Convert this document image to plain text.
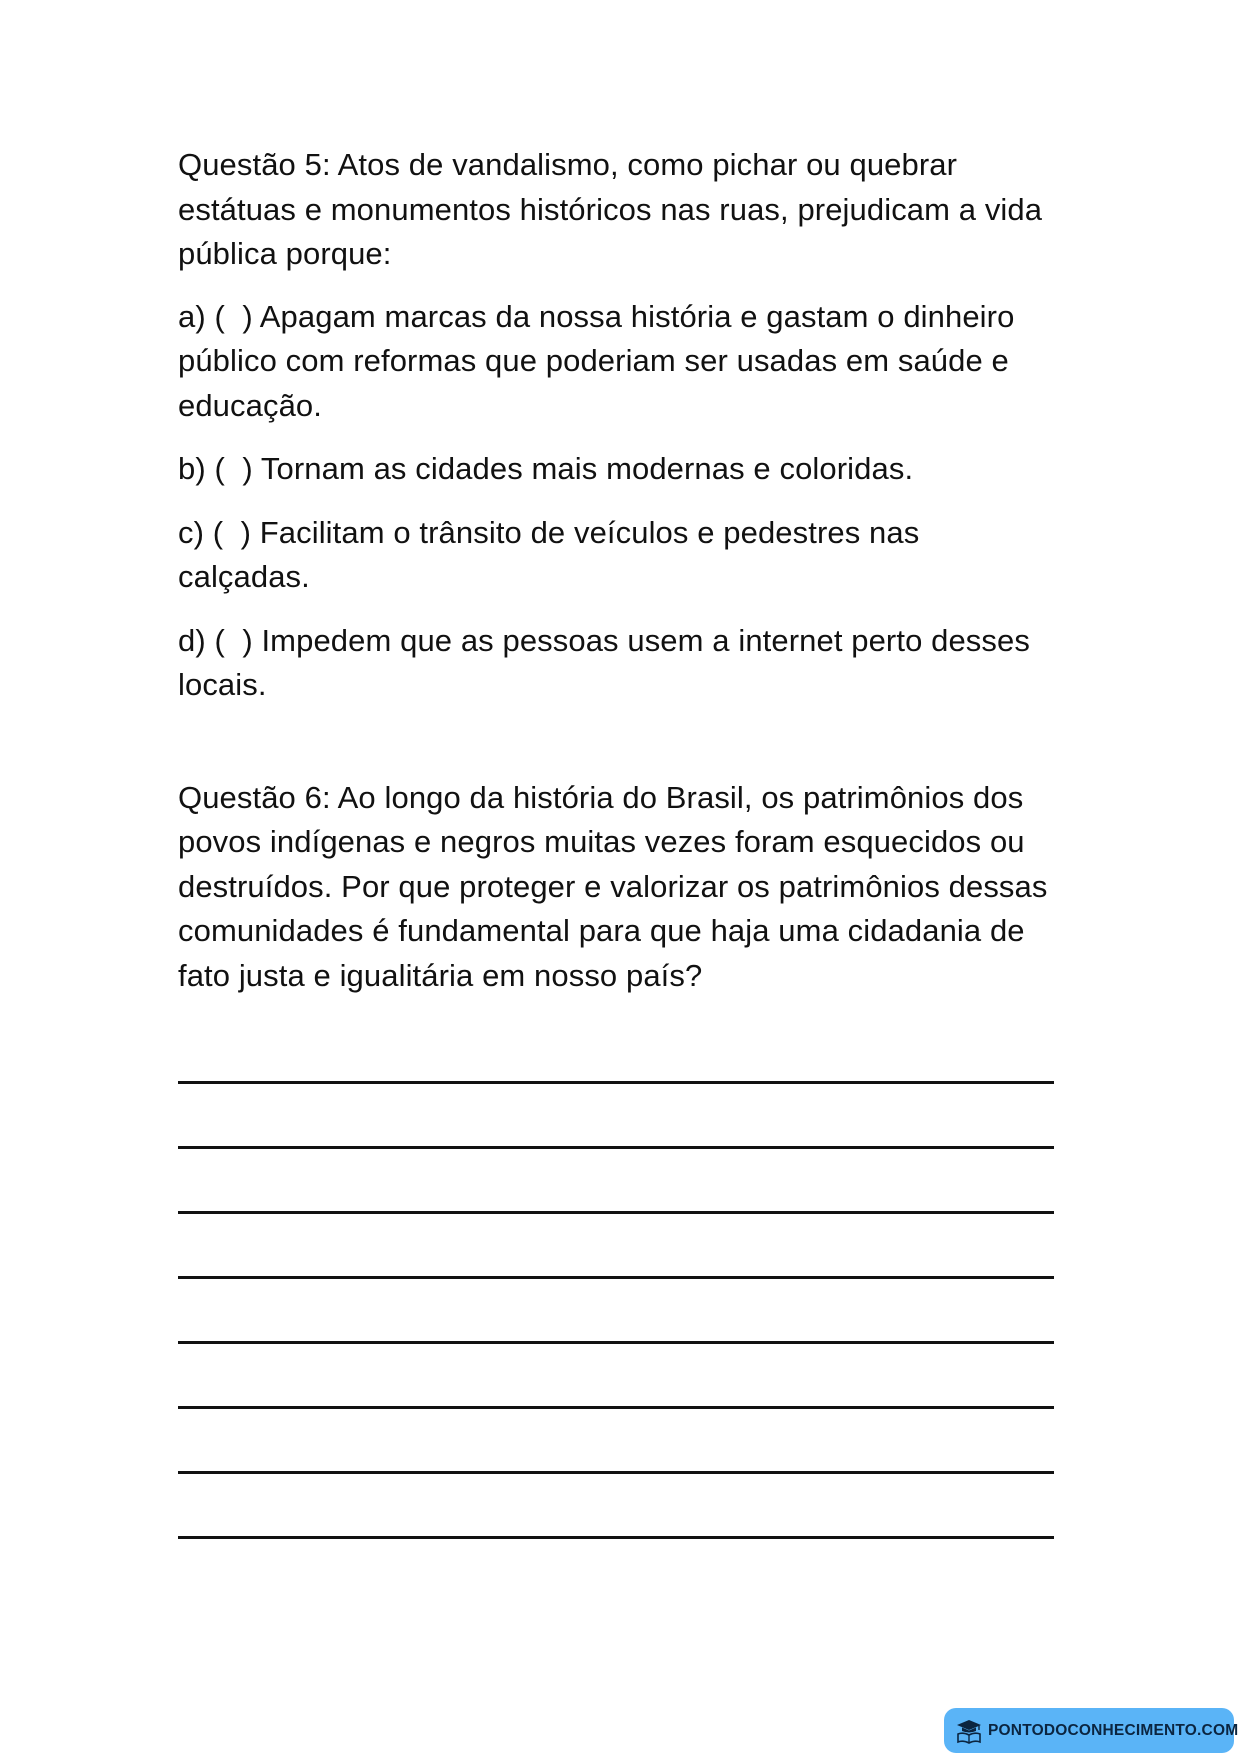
Questão 5: Atos de vandalismo, como pichar ou quebrar estátuas e monumentos históricos nas ruas, prejudicam a vida pública porque:

a) (  ) Apagam marcas da nossa história e gastam o dinheiro público com reformas que poderiam ser usadas em saúde e educação.

b) (  ) Tornam as cidades mais modernas e coloridas.

c) (  ) Facilitam o trânsito de veículos e pedestres nas calçadas.

d) (  ) Impedem que as pessoas usem a internet perto desses locais.

Questão 6: Ao longo da história do Brasil, os patrimônios dos povos indígenas e negros muitas vezes foram esquecidos ou destruídos. Por que proteger e valorizar os patrimônios dessas comunidades é fundamental para que haja uma cidadania de fato justa e igualitária em nosso país?

PONTODOCONHECIMENTO.COM
